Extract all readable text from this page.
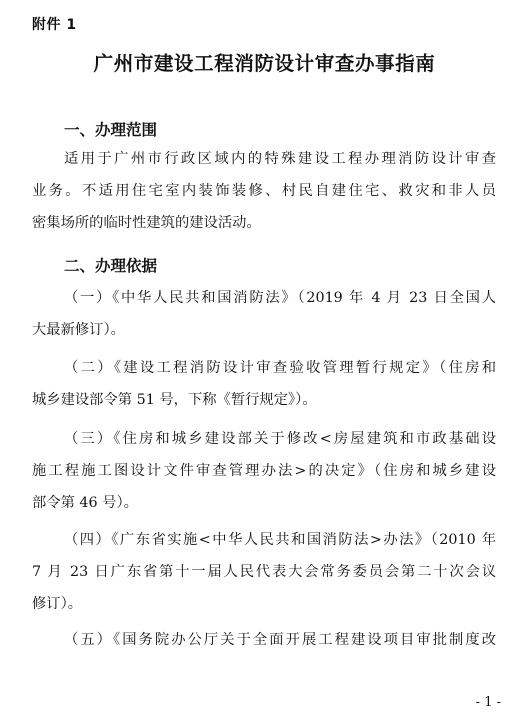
附件 1
广州市建设工程消防设计审查办事指南
一、办理范围
适用于广州市行政区域内的特殊建设工程办理消防设计审查
业务。不适用住宅室内装饰装修、村民自建住宅、救灾和非人员
密集场所的临时性建筑的建设活动。
二、办理依据
（一）《中华人民共和国消防法》（2019 年 4 月 23 日全国人
大最新修订）。
（二）《建设工程消防设计审查验收管理暂行规定》（住房和
城乡建设部令第 51 号，下称《暂行规定》）。
（三）《住房和城乡建设部关于修改<房屋建筑和市政基础设
施工程施工图设计文件审查管理办法>的决定》（住房和城乡建设
部令第 46 号）。
（四）《广东省实施<中华人民共和国消防法>办法》（2010 年
7 月 23 日广东省第十一届人民代表大会常务委员会第二十次会议
修订）。
（五）《国务院办公厅关于全面开展工程建设项目审批制度改
- 1 -
